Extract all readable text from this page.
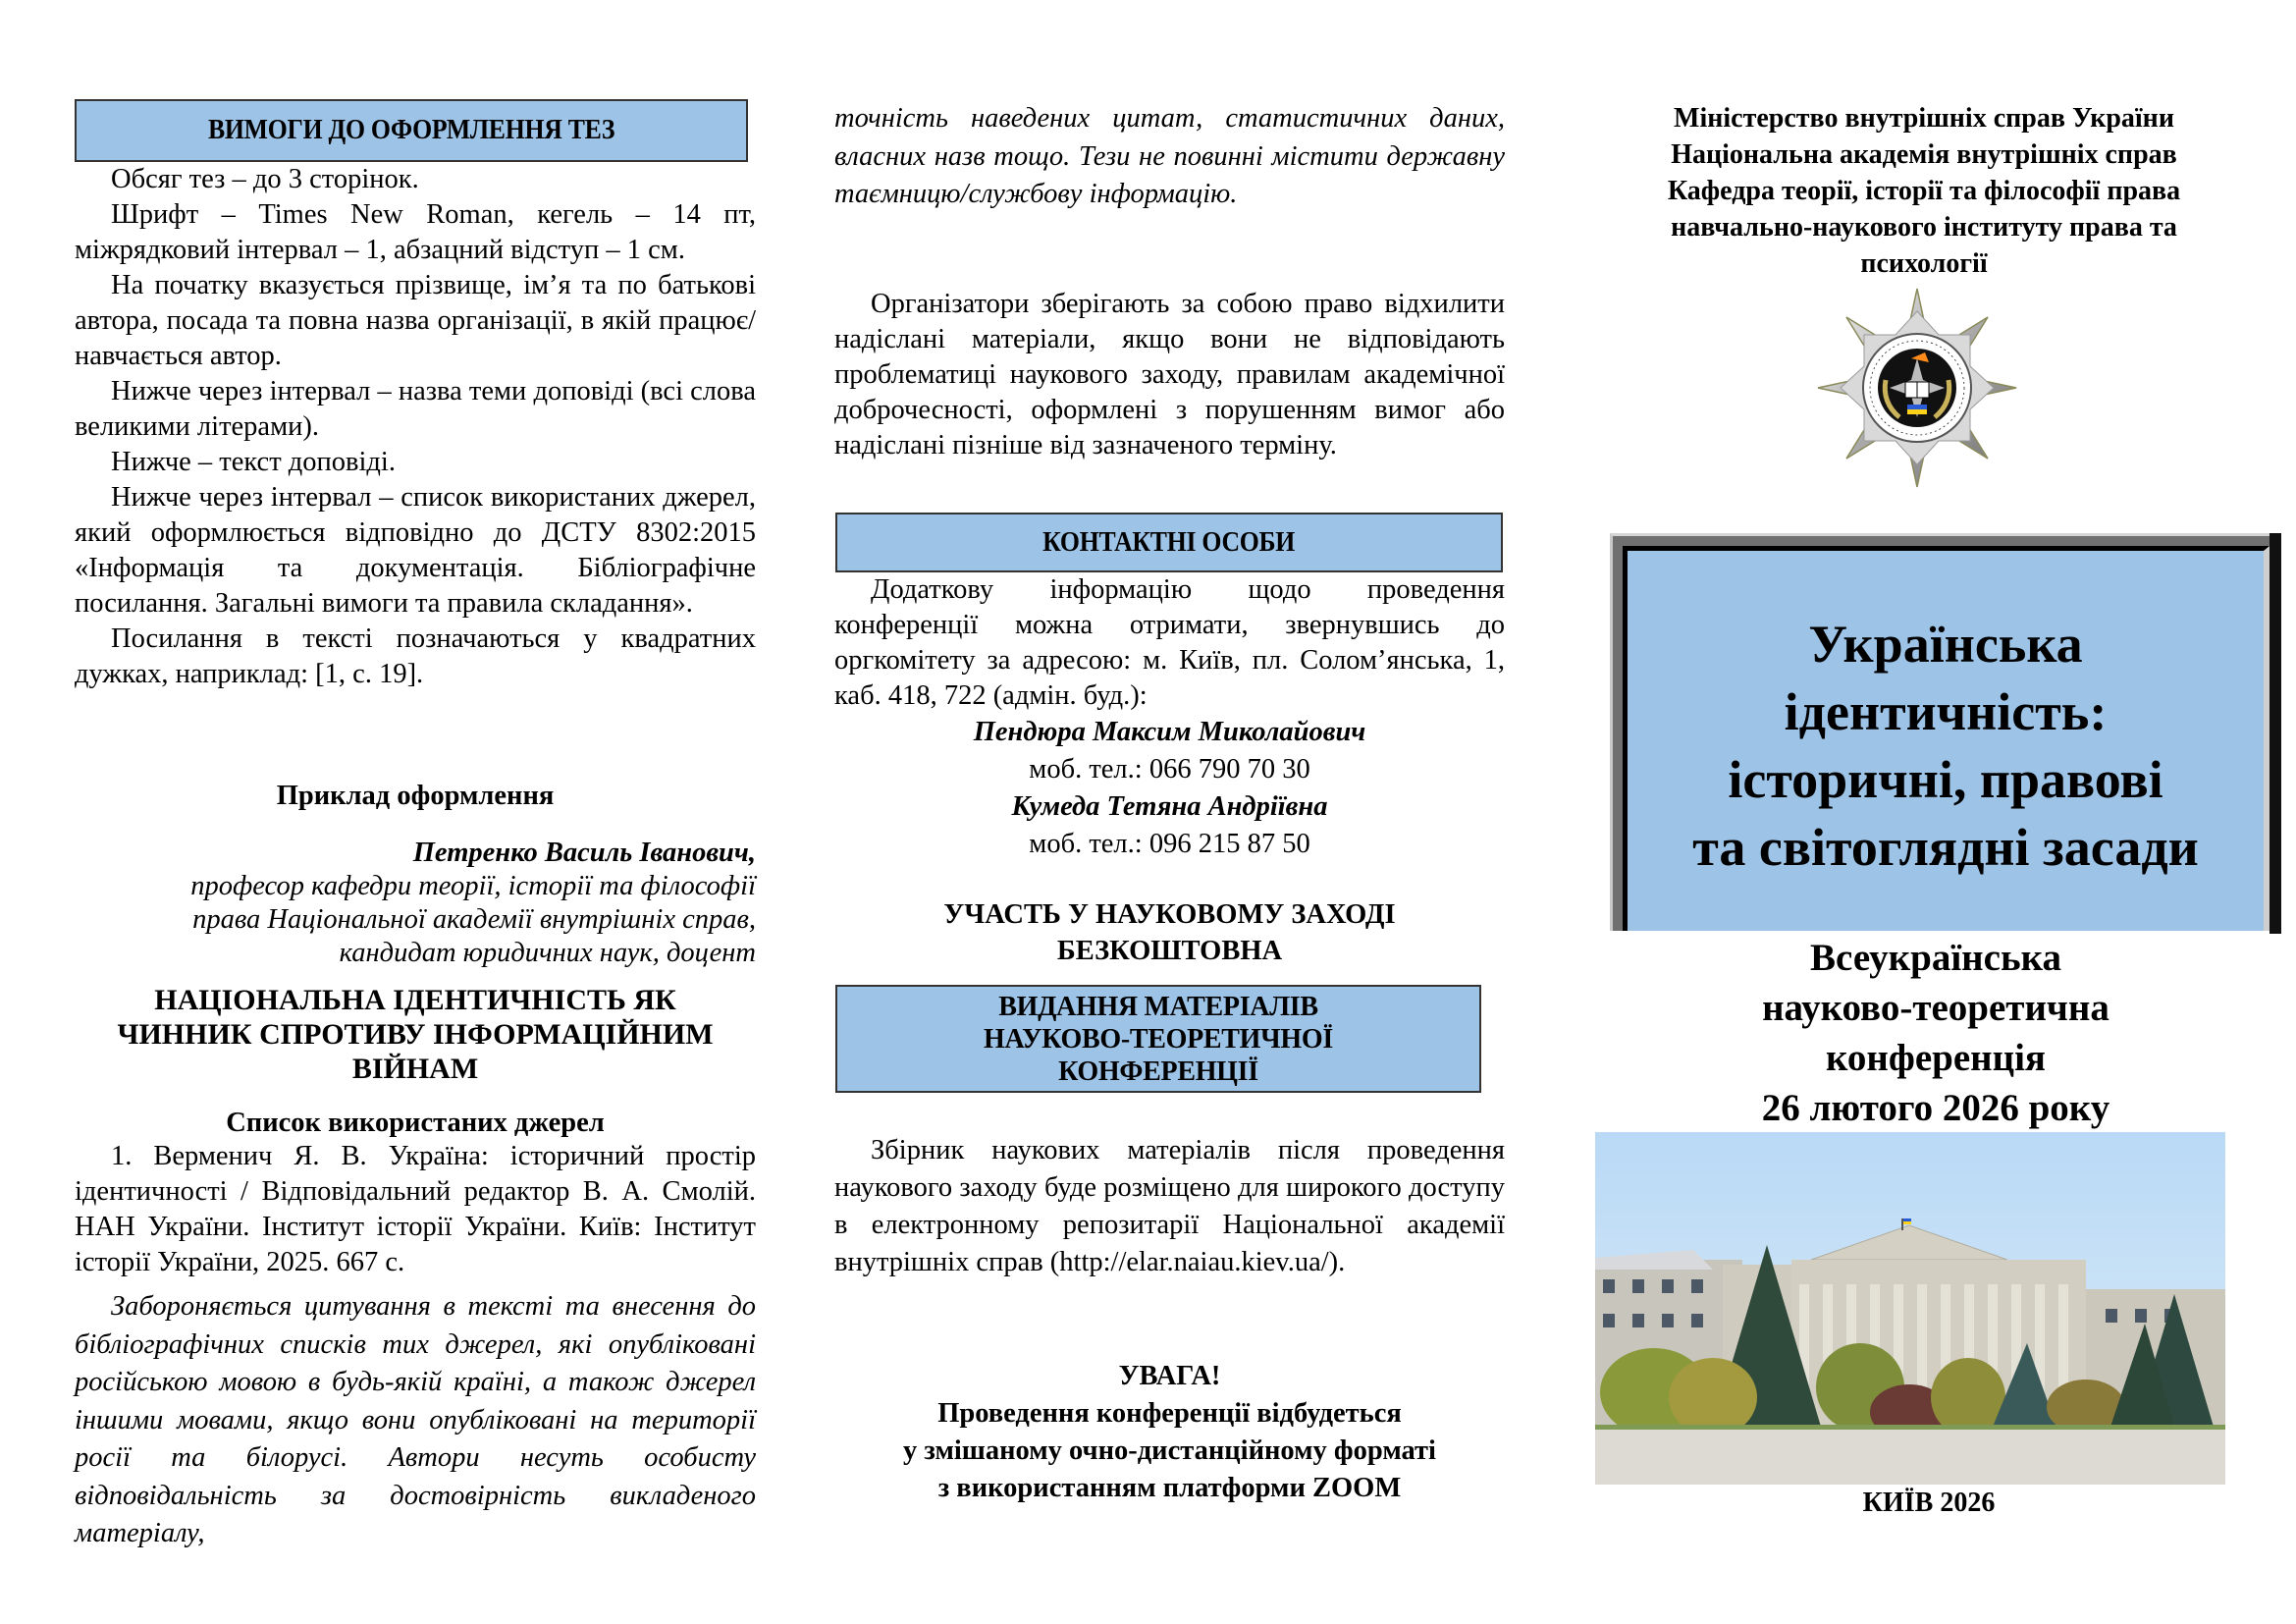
ВИМОГИ ДО ОФОРМЛЕННЯ ТЕЗ

Обсяг тез – до 3 сторінок.

Шрифт – Times New Roman, кегель – 14 пт, міжрядковий інтервал – 1, абзацний відступ – 1 см.

На початку вказується прізвище, ім’я та по батькові автора, посада та повна назва організації, в якій працює/навчається автор.

Нижче через інтервал – назва теми доповіді (всі слова великими літерами).

Нижче – текст доповіді.

Нижче через інтервал – список використаних джерел, який оформлюється відповідно до ДСТУ 8302:2015 «Інформація та документація. Бібліографічне посилання. Загальні вимоги та правила складання».

Посилання в тексті позначаються у квадратних дужках, наприклад: [1, с. 19].

Приклад оформлення
Петренко Василь Іванович,
професор кафедри теорії, історії та філософії
права Національної академії внутрішніх справ,
кандидат юридичних наук, доцент
НАЦІОНАЛЬНА ІДЕНТИЧНІСТЬ ЯК
ЧИННИК СПРОТИВУ ІНФОРМАЦІЙНИМ
ВІЙНАМ
Список використаних джерел

1. Верменич Я. В. Україна: історичний простір ідентичності / Відповідальний редактор В. А. Смолій. НАН України. Інститут історії України. Київ: Інститут історії України, 2025. 667 с.

Забороняється цитування в тексті та внесення до бібліографічних списків тих джерел, які опубліковані російською мовою в будь-якій країні, а також джерел іншими мовами, якщо вони опубліковані на території росії та білорусі. Автори несуть особисту відповідальність за достовірність викладеного матеріалу,

точність наведених цитат, статистичних даних, власних назв тощо. Тези не повинні містити державну таємницю/службову інформацію.

Організатори зберігають за собою право відхилити надіслані матеріали, якщо вони не відповідають проблематиці наукового заходу, правилам академічної доброчесності, оформлені з порушенням вимог або надіслані пізніше від зазначеного терміну.

КОНТАКТНІ ОСОБИ

Додаткову інформацію щодо проведення конференції можна отримати, звернувшись до оргкомітету за адресою: м. Київ, пл. Солом’янська, 1, каб. 418, 722 (адмін. буд.):

Пендюра Максим Миколайович
моб. тел.: 066 790 70 30
Кумеда Тетяна Андріївна
моб. тел.: 096 215 87 50
УЧАСТЬ У НАУКОВОМУ ЗАХОДІ
БЕЗКОШТОВНА
ВИДАННЯ МАТЕРІАЛІВ
НАУКОВО-ТЕОРЕТИЧНОЇ
КОНФЕРЕНЦІЇ

Збірник наукових матеріалів після проведення наукового заходу буде розміщено для широкого доступу в електронному репозитарії Національної академії внутрішніх справ (http://elar.naiau.kiev.ua/).

УВАГА!
Проведення конференції відбудеться
у змішаному очно-дистанційному форматі
з використанням платформи ZOOM
Міністерство внутрішніх справ України
Національна академія внутрішніх справ
Кафедра теорії, історії та філософії права
навчально-наукового інституту права та
психології
Українська
ідентичність:
історичні, правові
та світоглядні засади
Всеукраїнська
науково-теоретична
конференція
26 лютого 2026 року
КИЇВ 2026
